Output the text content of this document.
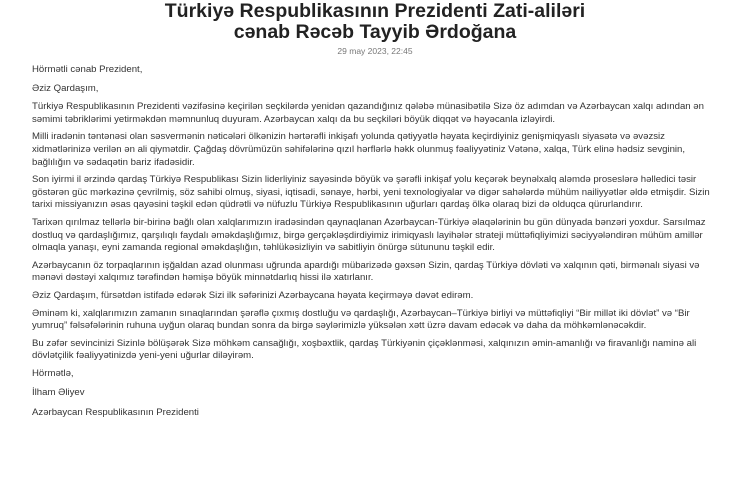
Türkiyə Respublikasının Prezidenti Zati-aliləri
cənab Rəcəb Tayyib Ərdoğana
29 may 2023, 22:45

Hörmətli cənab Prezident,

Əziz Qardaşım,

Türkiyə Respublikasının Prezidenti vəzifəsinə keçirilən seçkilərdə yenidən qazandığınız qələbə münasibətilə Sizə öz adımdan və Azərbaycan xalqı adından ən səmimi təbriklərimi yetirməkdən məmnunluq duyuram. Azərbaycan xalqı da bu seçkiləri böyük diqqət və həyəcanla izləyirdi.

Milli iradənin təntənəsi olan səsvermənin nəticələri ölkənizin hərtərəfli inkişafı yolunda qətiyyətlə həyata keçirdiyiniz genişmiqyaslı siyasətə və əvəzsiz xidmətlərinizə verilən ən ali qiymətdir. Çağdaş dövrümüzün səhifələrinə qızıl hərflərlə həkk olunmuş fəaliyyətiniz Vətənə, xalqa, Türk elinə hədsiz sevginin, bağlılığın və sədaqətin bariz ifadəsidir.

Son iyirmi il ərzində qardaş Türkiyə Respublikası Sizin liderliyiniz sayəsində böyük və şərəfli inkişaf yolu keçərək beynəlxalq aləmdə proseslərə həlledici təsir göstərən güc mərkəzinə çevrilmiş, söz sahibi olmuş, siyasi, iqtisadi, sənaye, hərbi, yeni texnologiyalar və digər sahələrdə mühüm nailiyyətlər əldə etmişdir. Sizin tarixi missiyanızın əsas qayəsini təşkil edən qüdrətli və nüfuzlu Türkiyə Respublikasının uğurları qardaş ölkə olaraq bizi də olduqca qürurlandırır.

Tarixən qırılmaz tellərlə bir-birinə bağlı olan xalqlarımızın iradəsindən qaynaqlanan Azərbaycan-Türkiyə əlaqələrinin bu gün dünyada bənzəri yoxdur. Sarsılmaz dostluq və qardaşlığımız, qarşılıqlı faydalı əməkdaşlığımız, birgə gerçəkləşdirdiyimiz irimiqyaslı layihələr strateji müttəfiqliyimizi səciyyələndirən mühüm amillər olmaqla yanaşı, eyni zamanda regional əməkdaşlığın, təhlükəsizliyin və sabitliyin önürgə sütununu təşkil edir.

Azərbaycanın öz torpaqlarının işğaldan azad olunması uğrunda apardığı mübarizədə gəxsən Sizin, qardaş Türkiyə dövləti və xalqının qəti, birmənalı siyasi və mənəvi dəstəyi xalqımız tərəfindən həmişə böyük minnətdarlıq hissi ilə xatırlanır.

Əziz Qardaşım, fürsətdən istifadə edərək Sizi ilk səfərinizi Azərbaycana həyata keçirməyə dəvət edirəm.

Əminəm ki, xalqlarımızın zamanın sınaqlarından şərəflə çıxmış dostluğu və qardaşlığı, Azərbaycan–Türkiyə birliyi və müttəfiqliyi “Bir millət iki dövlət” və “Bir yumruq” fəlsəfələrinin ruhuna uyğun olaraq bundan sonra da birgə səylərimizlə yüksələn xətt üzrə davam edəcək və daha da möhkəmlənəcəkdir.

Bu zəfər sevincinizi Sizinlə bölüşərək Sizə möhkəm cansağlığı, xoşbəxtlik, qardaş Türkiyənin çiçəklənməsi, xalqınızın əmin-amanlığı və firavanlığı naminə ali dövlətçilik fəaliyyətinizdə yeni-yeni uğurlar diləyirəm.

Hörmətlə,

İlham Əliyev

Azərbaycan Respublikasının Prezidenti
